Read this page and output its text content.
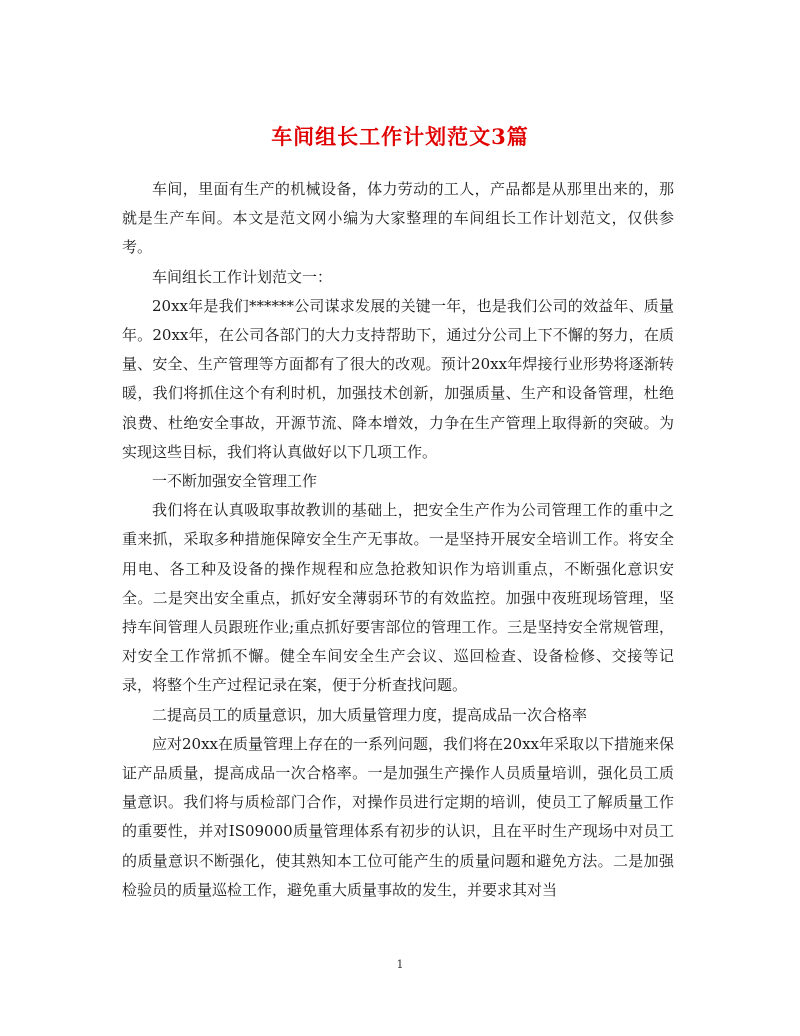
车间组长工作计划范文3篇

车间，里面有生产的机械设备，体力劳动的工人，产品都是从那里出来的，那就是生产车间。本文是范文网小编为大家整理的车间组长工作计划范文，仅供参考。

车间组长工作计划范文一：

20xx年是我们******公司谋求发展的关键一年，也是我们公司的效益年、质量年。20xx年，在公司各部门的大力支持帮助下，通过分公司上下不懈的努力，在质量、安全、生产管理等方面都有了很大的改观。预计20xx年焊接行业形势将逐渐转暖，我们将抓住这个有利时机，加强技术创新，加强质量、生产和设备管理，杜绝浪费、杜绝安全事故，开源节流、降本增效，力争在生产管理上取得新的突破。为实现这些目标，我们将认真做好以下几项工作。

一不断加强安全管理工作

我们将在认真吸取事故教训的基础上，把安全生产作为公司管理工作的重中之重来抓，采取多种措施保障安全生产无事故。一是坚持开展安全培训工作。将安全用电、各工种及设备的操作规程和应急抢救知识作为培训重点，不断强化意识安全。二是突出安全重点，抓好安全薄弱环节的有效监控。加强中夜班现场管理，坚持车间管理人员跟班作业;重点抓好要害部位的管理工作。三是坚持安全常规管理，对安全工作常抓不懈。健全车间安全生产会议、巡回检查、设备检修、交接等记录，将整个生产过程记录在案，便于分析查找问题。

二提高员工的质量意识，加大质量管理力度，提高成品一次合格率

应对20xx在质量管理上存在的一系列问题，我们将在20xx年采取以下措施来保证产品质量，提高成品一次合格率。一是加强生产操作人员质量培训，强化员工质量意识。我们将与质检部门合作，对操作员进行定期的培训，使员工了解质量工作的重要性，并对IS09000质量管理体系有初步的认识，且在平时生产现场中对员工的质量意识不断强化，使其熟知本工位可能产生的质量问题和避免方法。二是加强检验员的质量巡检工作，避免重大质量事故的发生，并要求其对当

1
